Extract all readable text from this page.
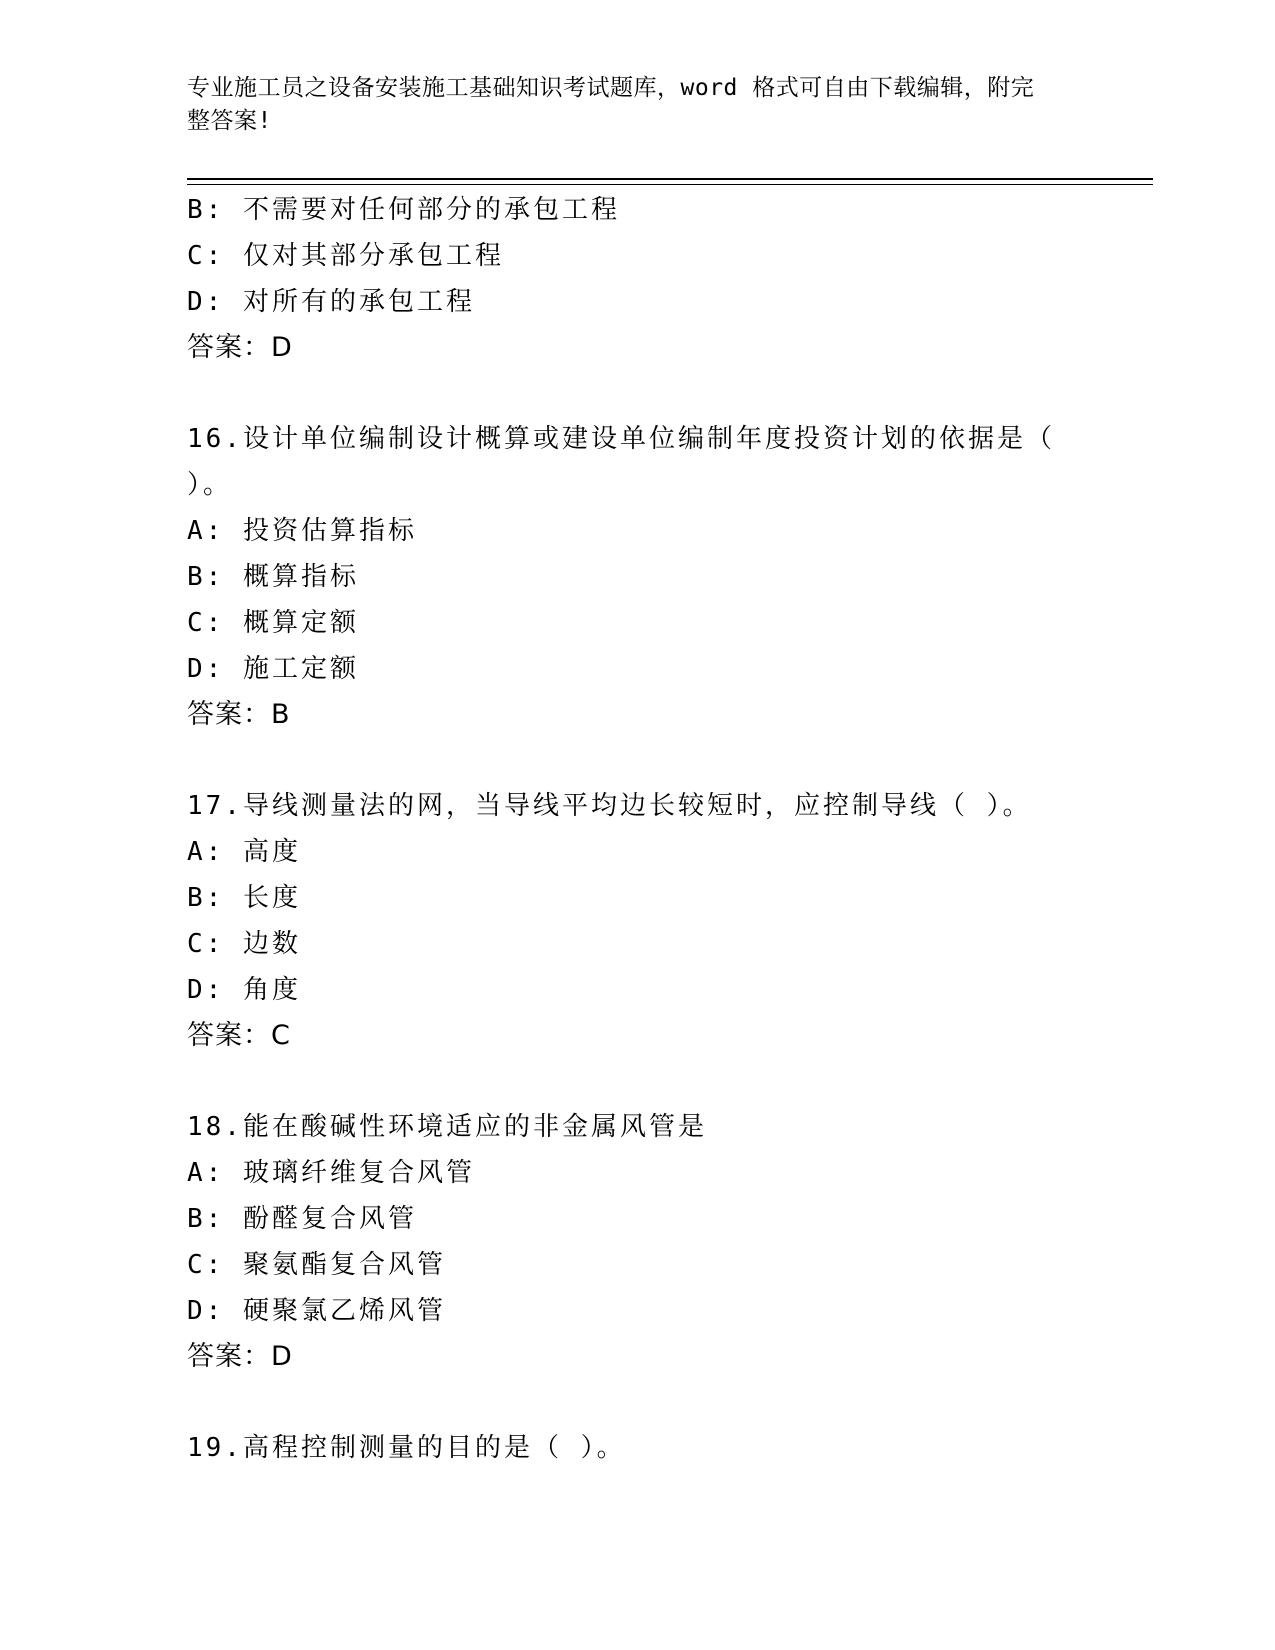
专业施工员之设备安装施工基础知识考试题库，word 格式可自由下载编辑，附完
整答案!
B: 不需要对任何部分的承包工程
C: 仅对其部分承包工程
D: 对所有的承包工程
答案：D
16.设计单位编制设计概算或建设单位编制年度投资计划的依据是（
）。
A: 投资估算指标
B: 概算指标
C: 概算定额
D: 施工定额
答案：B
17.导线测量法的网，当导线平均边长较短时，应控制导线（ ）。
A: 高度
B: 长度
C: 边数
D: 角度
答案：C
18.能在酸碱性环境适应的非金属风管是
A: 玻璃纤维复合风管
B: 酚醛复合风管
C: 聚氨酯复合风管
D: 硬聚氯乙烯风管
答案：D
19.高程控制测量的目的是（ ）。
